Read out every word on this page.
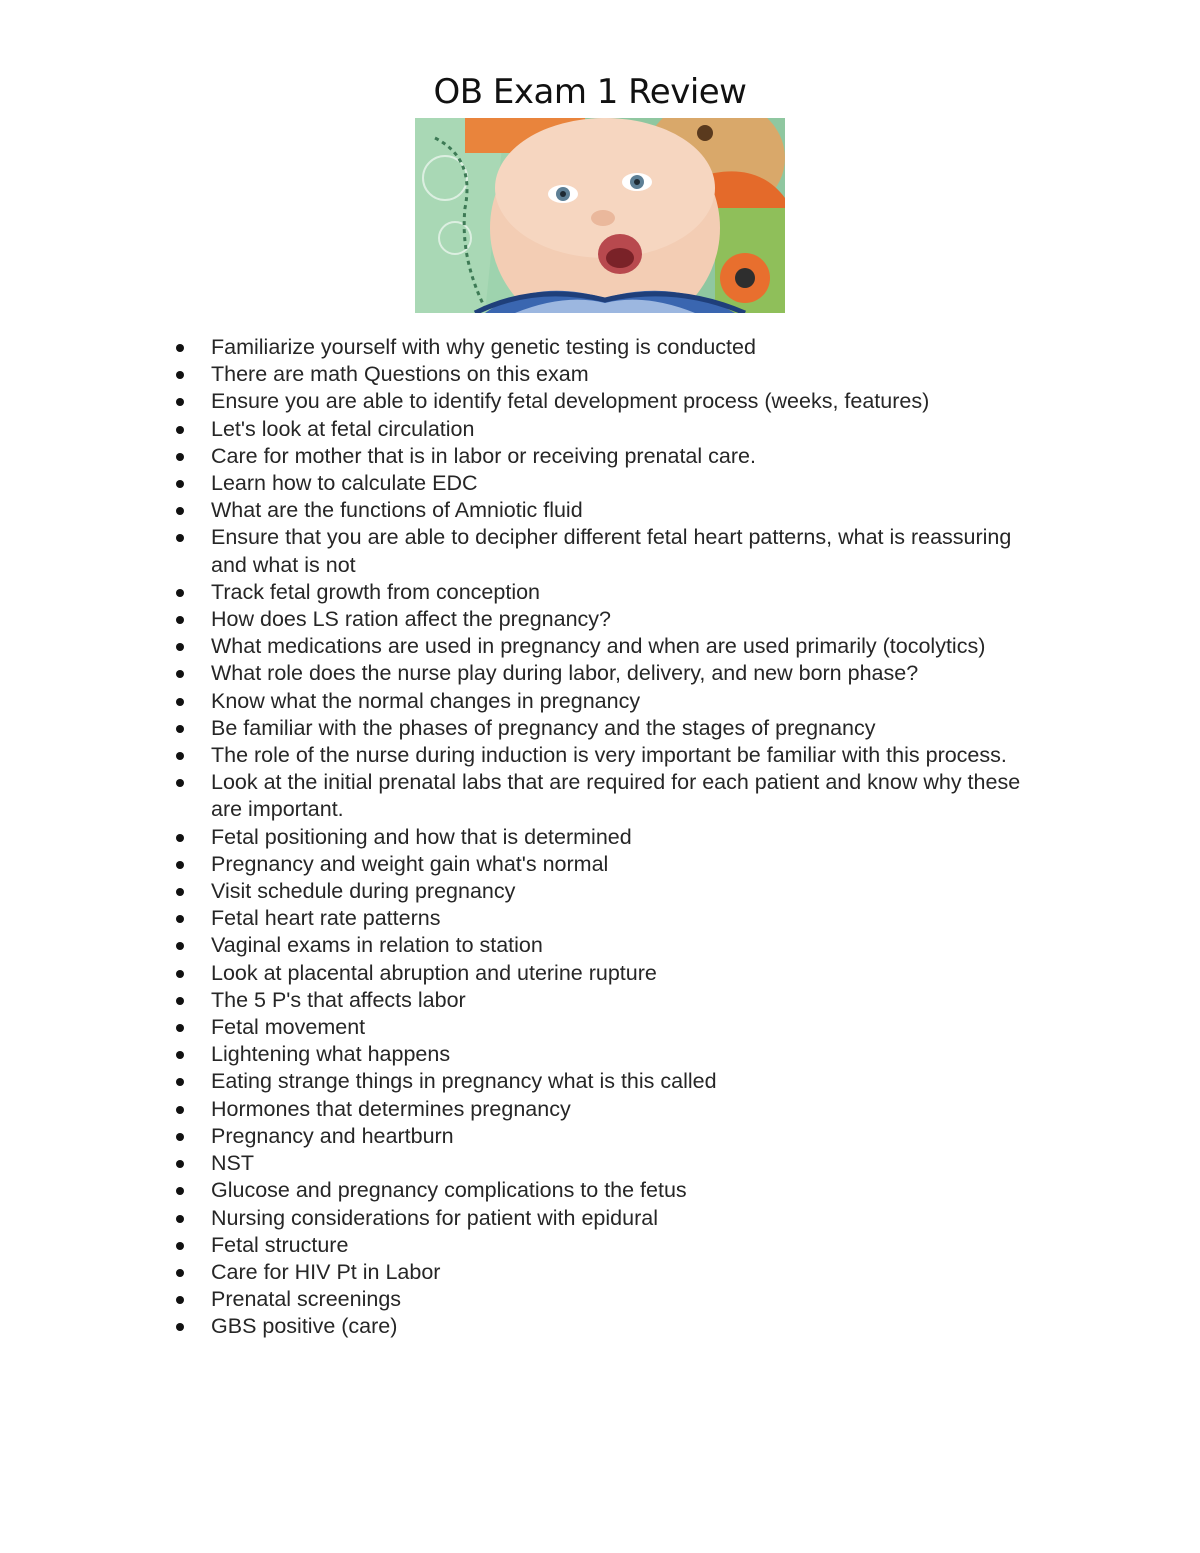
OB Exam 1 Review
Familiarize yourself with why genetic testing is conducted
There are math Questions on this exam
Ensure you are able to identify fetal development process (weeks, features)
Let's look at fetal circulation
Care for mother that is in labor or receiving prenatal care.
Learn how to calculate EDC
What are the functions of Amniotic fluid
Ensure that you are able to decipher different fetal heart patterns, what is reassuring and what is not
Track fetal growth from conception
How does LS ration affect the pregnancy?
What medications are used in pregnancy and when are used primarily (tocolytics)
What role does the nurse play during labor, delivery, and new born phase?
Know what the normal changes in pregnancy
Be familiar with the phases of pregnancy and the stages of pregnancy
The role of the nurse during induction is very important be familiar with this process.
Look at the initial prenatal labs that are required for each patient and know why these are important.
Fetal positioning and how that is determined
Pregnancy and weight gain what's normal
Visit schedule during pregnancy
Fetal heart rate patterns
Vaginal exams in relation to station
Look at placental abruption and uterine rupture
The 5 P's that affects labor
Fetal movement
Lightening what happens
Eating strange things in pregnancy what is this called
Hormones that determines pregnancy
Pregnancy and heartburn
NST
Glucose and pregnancy complications to the fetus
Nursing considerations for patient with epidural
Fetal structure
Care for HIV Pt in Labor
Prenatal screenings
GBS positive (care)
